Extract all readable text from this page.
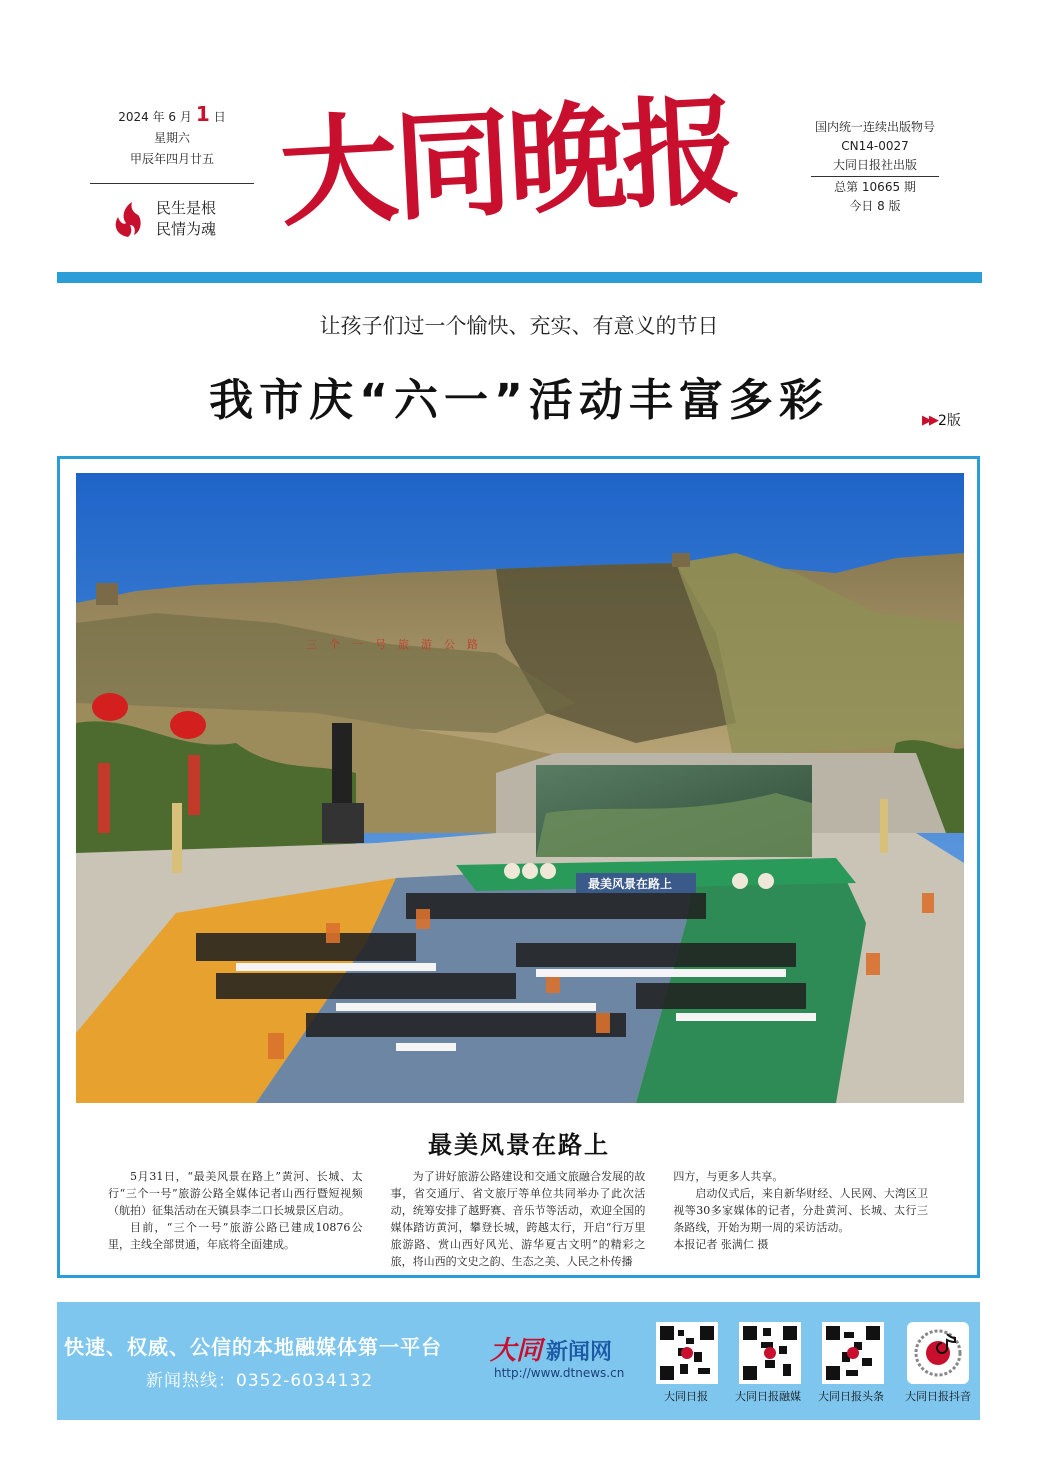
2024 年 6 月 1 日
星期六
甲辰年四月廿五
民生是根
民情为魂 大同晚报	国内统一连续出版物号
CN14-0027
大同日报社出版
总第 10665 期
今日 8 版
让孩子们过一个愉快、充实、有意义的节日
我市庆“六一”活动丰富多彩	▶▶ 2版
三个一号旅游公路
最美风景在路上
最美风景在路上

5月31日，“最美风景在路上”黄河、长城、太行“三个一号”旅游公路全媒体记者山西行暨短视频（航拍）征集活动在天镇县李二口长城景区启动。

目前，“三个一号”旅游公路已建成10876公里，主线全部贯通，年底将全面建成。

为了讲好旅游公路建设和交通文旅融合发展的故事，省交通厅、省文旅厅等单位共同举办了此次活动，统筹安排了越野赛、音乐节等活动，欢迎全国的媒体踏访黄河，攀登长城，跨越太行，开启“行万里旅游路、赏山西好风光、游华夏古文明”的精彩之旅，将山西的文史之韵、生态之美、人民之朴传播

四方，与更多人共享。

启动仪式后，来自新华财经、人民网、大湾区卫视等30多家媒体的记者，分赴黄河、长城、太行三条路线，开始为期一周的采访活动。

本报记者 张满仁 摄

快速、权威、公信的本地融媒体第一平台
新闻热线：0352-6034132
大同 新闻网
http://www.dtnews.cn
大同日报	大同日报融媒	大同日报头条	大同日报抖音
